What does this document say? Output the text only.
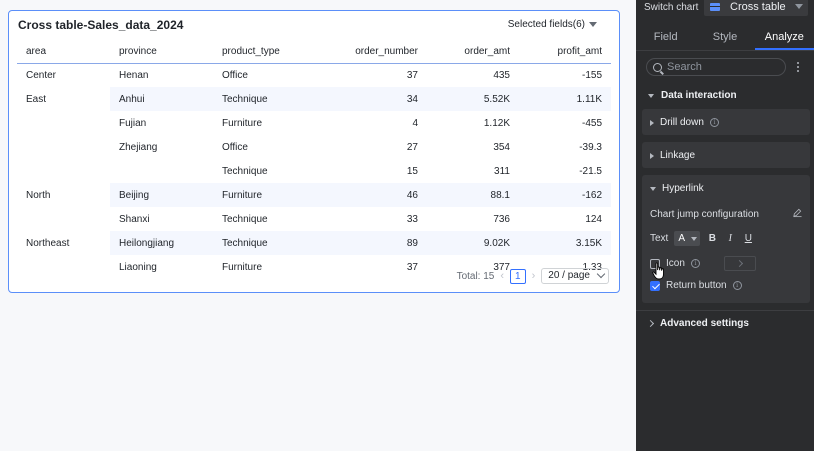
Cross table-Sales_data_2024	Selected fields(6)
area	province	product_type	order_number	order_amt	profit_amt
Center	Henan	Office	37	435	-155
East	Anhui	Technique	34	5.52K	1.11K
	Fujian	Furniture	4	1.12K	-455
	Zhejiang	Office	27	354	-39.3
		Technique	15	311	-21.5
North	Beijing	Furniture	46	88.1	-162
	Shanxi	Technique	33	736	124
Northeast	Heilongjiang	Technique	89	9.02K	3.15K
	Liaoning	Furniture	37	377	1.33
Total: 15 ‹	1	› 20 / page
Switch chart	Cross table
Field	Style	Analyze
Search
Data interaction
Drill down	i
Linkage
Hyperlink
Chart jump configuration
Text A B	I	U
Icon	i
Return button	i
Advanced settings
